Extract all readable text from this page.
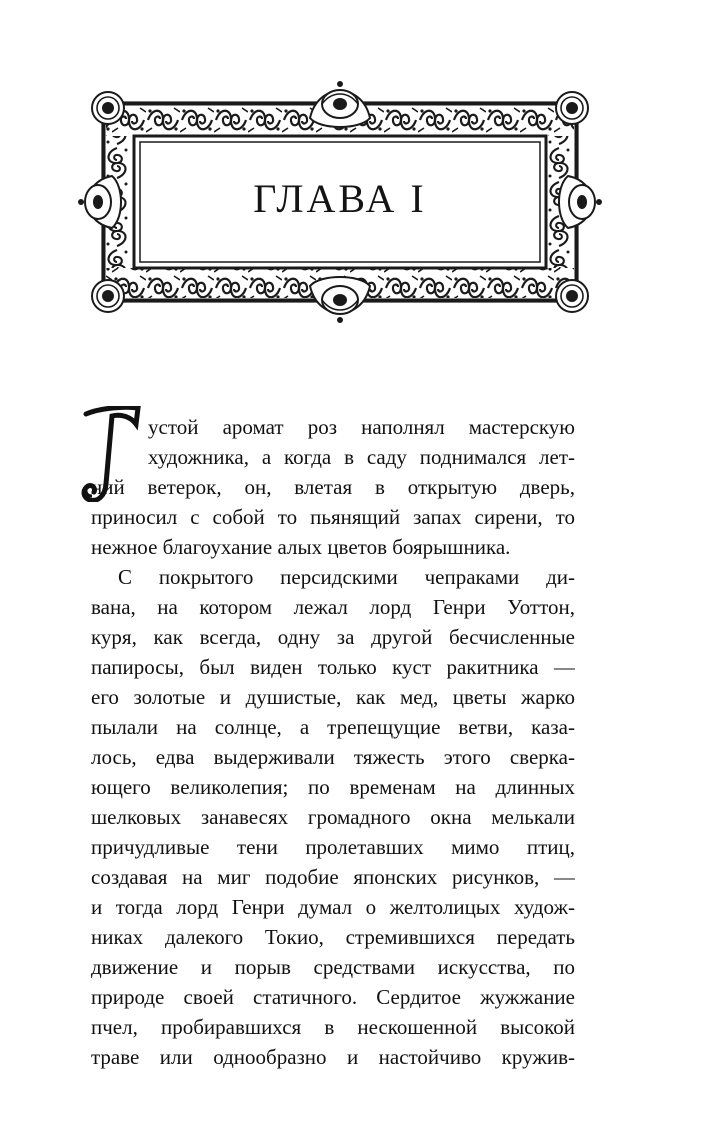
ГЛАВА I
устой аромат роз наполнял мастерскую
художника, а когда в саду поднимался лет-
ний ветерок, он, влетая в открытую дверь,
приносил с собой то пьянящий запах сирени, то
нежное благоухание алых цветов боярышника.
С покрытого персидскими чепраками ди-
вана, на котором лежал лорд Генри Уоттон,
куря, как всегда, одну за другой бесчисленные
папиросы, был виден только куст ракитника —
его золотые и душистые, как мед, цветы жарко
пылали на солнце, а трепещущие ветви, каза-
лось, едва выдерживали тяжесть этого сверка-
ющего великолепия; по временам на длинных
шелковых занавесях громадного окна мелькали
причудливые тени пролетавших мимо птиц,
создавая на миг подобие японских рисунков, —
и тогда лорд Генри думал о желтолицых худож-
никах далекого Токио, стремившихся передать
движение и порыв средствами искусства, по
природе своей статичного. Сердитое жужжание
пчел, пробиравшихся в нескошенной высокой
траве или однообразно и настойчиво кружив-
